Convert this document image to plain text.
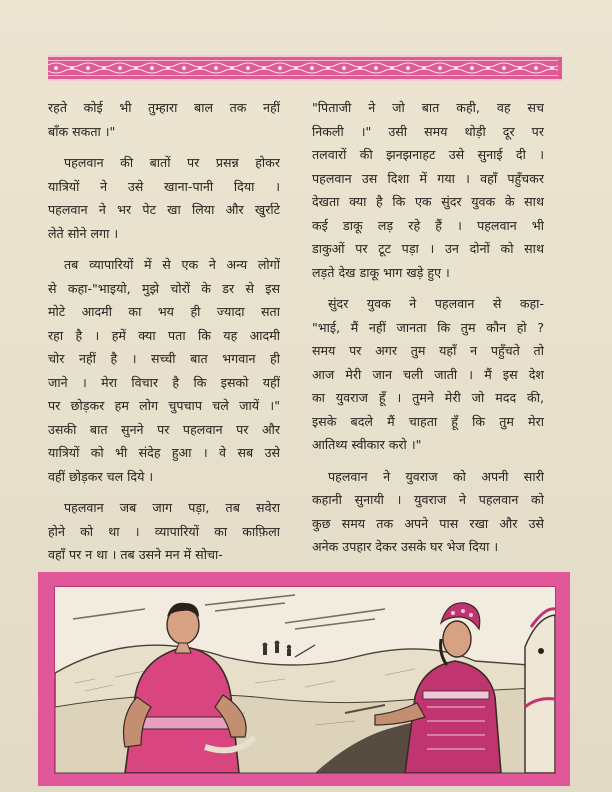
रहते कोई भी तुम्हारा बाल तक नहीं
बाँक सकता ।"
पहलवान की बातों पर प्रसन्न होकर
यात्रियों ने उसे खाना-पानी दिया ।
पहलवान ने भर पेट खा लिया और खुर्राटे
लेते सोने लगा ।
तब व्यापारियों में से एक ने अन्य लोगों
से कहा-"भाइयो, मुझे चोरों के डर से इस
मोटे आदमी का भय ही ज्यादा सता
रहा है । हमें क्या पता कि यह आदमी
चोर नहीं है । सच्ची बात भगवान ही
जाने । मेरा विचार है कि इसको यहीं
पर छोड़कर हम लोग चुपचाप चले जायें ।"
उसकी बात सुनने पर पहलवान पर और
यात्रियों को भी संदेह हुआ । वे सब उसे
वहीं छोड़कर चल दिये ।
पहलवान जब जाग पड़ा, तब सवेरा
होने को था । व्यापारियों का काफ़िला
वहाँ पर न था । तब उसने मन में सोचा-
"पिताजी ने जो बात कही, वह सच
निकली ।" उसी समय थोड़ी दूर पर
तलवारों की झनझनाहट उसे सुनाई दी ।
पहलवान उस दिशा में गया । वहाँ पहुँचकर
देखता क्या है कि एक सुंदर युवक के साथ
कई डाकू लड़ रहे हैं । पहलवान भी
डाकुओं पर टूट पड़ा । उन दोनों को साथ
लड़ते देख डाकू भाग खड़े हुए ।
सुंदर युवक ने पहलवान से कहा-
"भाई, मैं नहीं जानता कि तुम कौन हो ?
समय पर अगर तुम यहाँ न पहुँचते तो
आज मेरी जान चली जाती । मैं इस देश
का युवराज हूँ । तुमने मेरी जो मदद की,
इसके बदले मैं चाहता हूँ कि तुम मेरा
आतिथ्य स्वीकार करो ।"
पहलवान ने युवराज को अपनी सारी
कहानी सुनायी । युवराज ने पहलवान को
कुछ समय तक अपने पास रखा और उसे
अनेक उपहार देकर उसके घर भेज दिया ।
